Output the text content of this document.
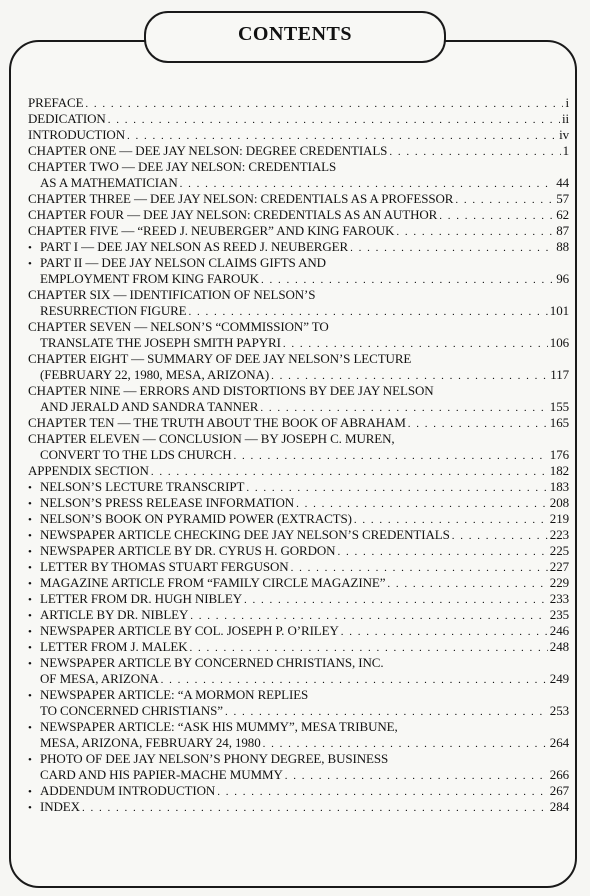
CONTENTS
PREFACE . . .	i
DEDICATION . . .	ii
INTRODUCTION . . .	iv
CHAPTER ONE — DEE JAY NELSON: DEGREE CREDENTIALS . . .	1
CHAPTER TWO — DEE JAY NELSON: CREDENTIALS
AS A MATHEMATICIAN . . .	44
CHAPTER THREE — DEE JAY NELSON: CREDENTIALS AS A PROFESSOR . . .	57
CHAPTER FOUR — DEE JAY NELSON: CREDENTIALS AS AN AUTHOR . . .	62
CHAPTER FIVE — “REED J. NEUBERGER” AND KING FAROUK . . .	87
• PART I — DEE JAY NELSON AS REED J. NEUBERGER . . .	88
• PART II — DEE JAY NELSON CLAIMS GIFTS AND
EMPLOYMENT FROM KING FAROUK . . .	96
CHAPTER SIX — IDENTIFICATION OF NELSON’S
RESURRECTION FIGURE . . .	101
CHAPTER SEVEN — NELSON’S “COMMISSION” TO
TRANSLATE THE JOSEPH SMITH PAPYRI . . .	106
CHAPTER EIGHT — SUMMARY OF DEE JAY NELSON’S LECTURE
(FEBRUARY 22, 1980, MESA, ARIZONA) . . .	117
CHAPTER NINE — ERRORS AND DISTORTIONS BY DEE JAY NELSON
AND JERALD AND SANDRA TANNER . . .	155
CHAPTER TEN — THE TRUTH ABOUT THE BOOK OF ABRAHAM . . .	165
CHAPTER ELEVEN — CONCLUSION — BY JOSEPH C. MUREN,
CONVERT TO THE LDS CHURCH . . .	176
APPENDIX SECTION . . .	182
• NELSON’S LECTURE TRANSCRIPT . . .	183
• NELSON’S PRESS RELEASE INFORMATION . . .	208
• NELSON’S BOOK ON PYRAMID POWER (EXTRACTS) . . .	219
• NEWSPAPER ARTICLE CHECKING DEE JAY NELSON’S CREDENTIALS . . .	223
• NEWSPAPER ARTICLE BY DR. CYRUS H. GORDON . . .	225
• LETTER BY THOMAS STUART FERGUSON . . .	227
• MAGAZINE ARTICLE FROM “FAMILY CIRCLE MAGAZINE” . . .	229
• LETTER FROM DR. HUGH NIBLEY . . .	233
• ARTICLE BY DR. NIBLEY . . .	235
• NEWSPAPER ARTICLE BY COL. JOSEPH P. O’RILEY . . .	246
• LETTER FROM J. MALEK . . .	248
• NEWSPAPER ARTICLE BY CONCERNED CHRISTIANS, INC.
OF MESA, ARIZONA . . .	249
• NEWSPAPER ARTICLE: “A MORMON REPLIES
TO CONCERNED CHRISTIANS” . . .	253
• NEWSPAPER ARTICLE: “ASK HIS MUMMY”, MESA TRIBUNE,
MESA, ARIZONA, FEBRUARY 24, 1980 . . .	264
• PHOTO OF DEE JAY NELSON’S PHONY DEGREE, BUSINESS
CARD AND HIS PAPIER-MACHE MUMMY . . .	266
• ADDENDUM INTRODUCTION . . .	267
• INDEX . . .	284
